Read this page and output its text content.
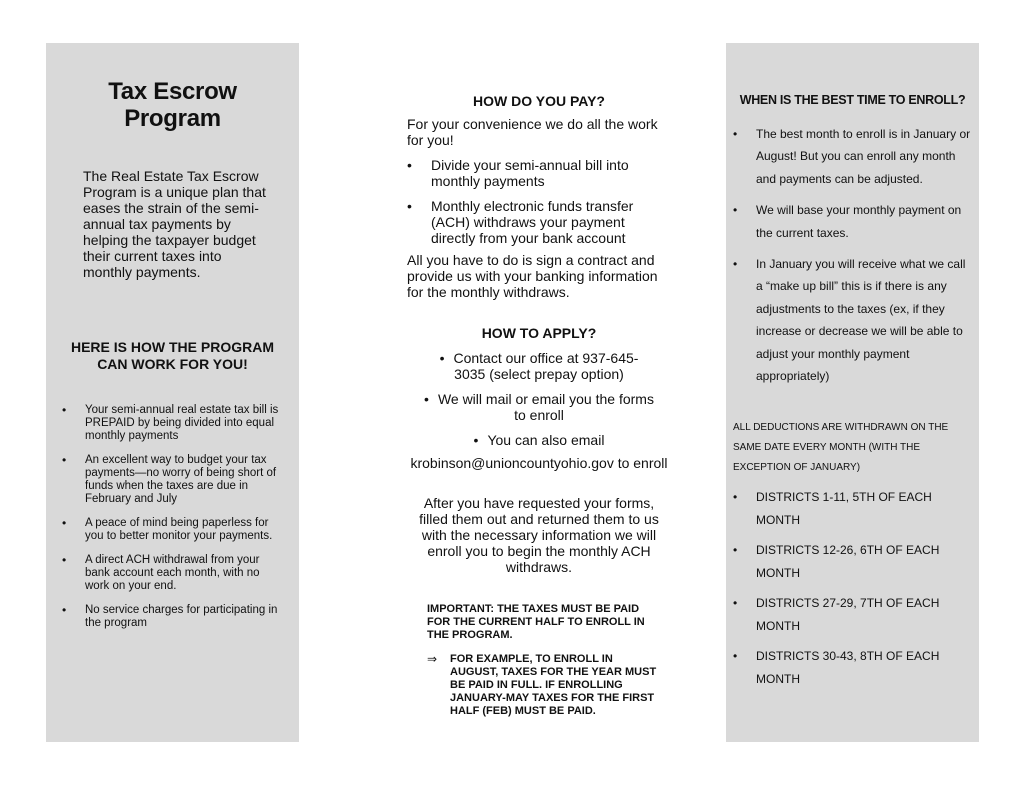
Tax Escrow
Program
The Real Estate Tax Escrow Program is a unique plan that eases the strain of the semi-annual tax payments by helping the taxpayer budget their current taxes into monthly payments.
HERE IS HOW THE PROGRAM
CAN WORK FOR YOU!
• Your semi-annual real estate tax bill is PREPAID by being divided into equal monthly payments
• An excellent way to budget your tax payments—no worry of being short of funds when the taxes are due in February and July
• A peace of mind being paperless for you to better monitor your payments.
• A direct ACH withdrawal from your bank account each month, with no work on your end.
• No service charges for participating in the program
HOW DO YOU PAY?
For your convenience we do all the work for you!
• Divide your semi-annual bill into monthly payments
• Monthly electronic funds transfer (ACH) withdraws your payment directly from your bank account
All you have to do is sign a contract and provide us with your banking information for the monthly withdraws.
HOW TO APPLY?
• Contact our office at 937-645-3035 (select prepay option)
• We will mail or email you the forms to enroll
• You can also email
krobinson@unioncountyohio.gov to enroll
After you have requested your forms, filled them out and returned them to us with the necessary information we will enroll you to begin the monthly ACH withdraws.
IMPORTANT: THE TAXES MUST BE PAID FOR THE CURRENT HALF TO ENROLL IN THE PROGRAM.
⇒ FOR EXAMPLE, TO ENROLL IN AUGUST, TAXES FOR THE YEAR MUST BE PAID IN FULL. IF ENROLLING JANUARY-MAY TAXES FOR THE FIRST HALF (FEB) MUST BE PAID.
WHEN IS THE BEST TIME TO ENROLL?
• The best month to enroll is in January or August! But you can enroll any month and payments can be adjusted.
• We will base your monthly payment on the current taxes.
• In January you will receive what we call a “make up bill” this is if there is any adjustments to the taxes (ex, if they increase or decrease we will be able to adjust your monthly payment appropriately)
ALL DEDUCTIONS ARE WITHDRAWN ON THE SAME DATE EVERY MONTH (WITH THE EXCEPTION OF JANUARY)
• DISTRICTS 1-11, 5TH OF EACH MONTH
• DISTRICTS 12-26, 6TH OF EACH MONTH
• DISTRICTS 27-29, 7TH OF EACH MONTH
• DISTRICTS 30-43, 8TH OF EACH MONTH
